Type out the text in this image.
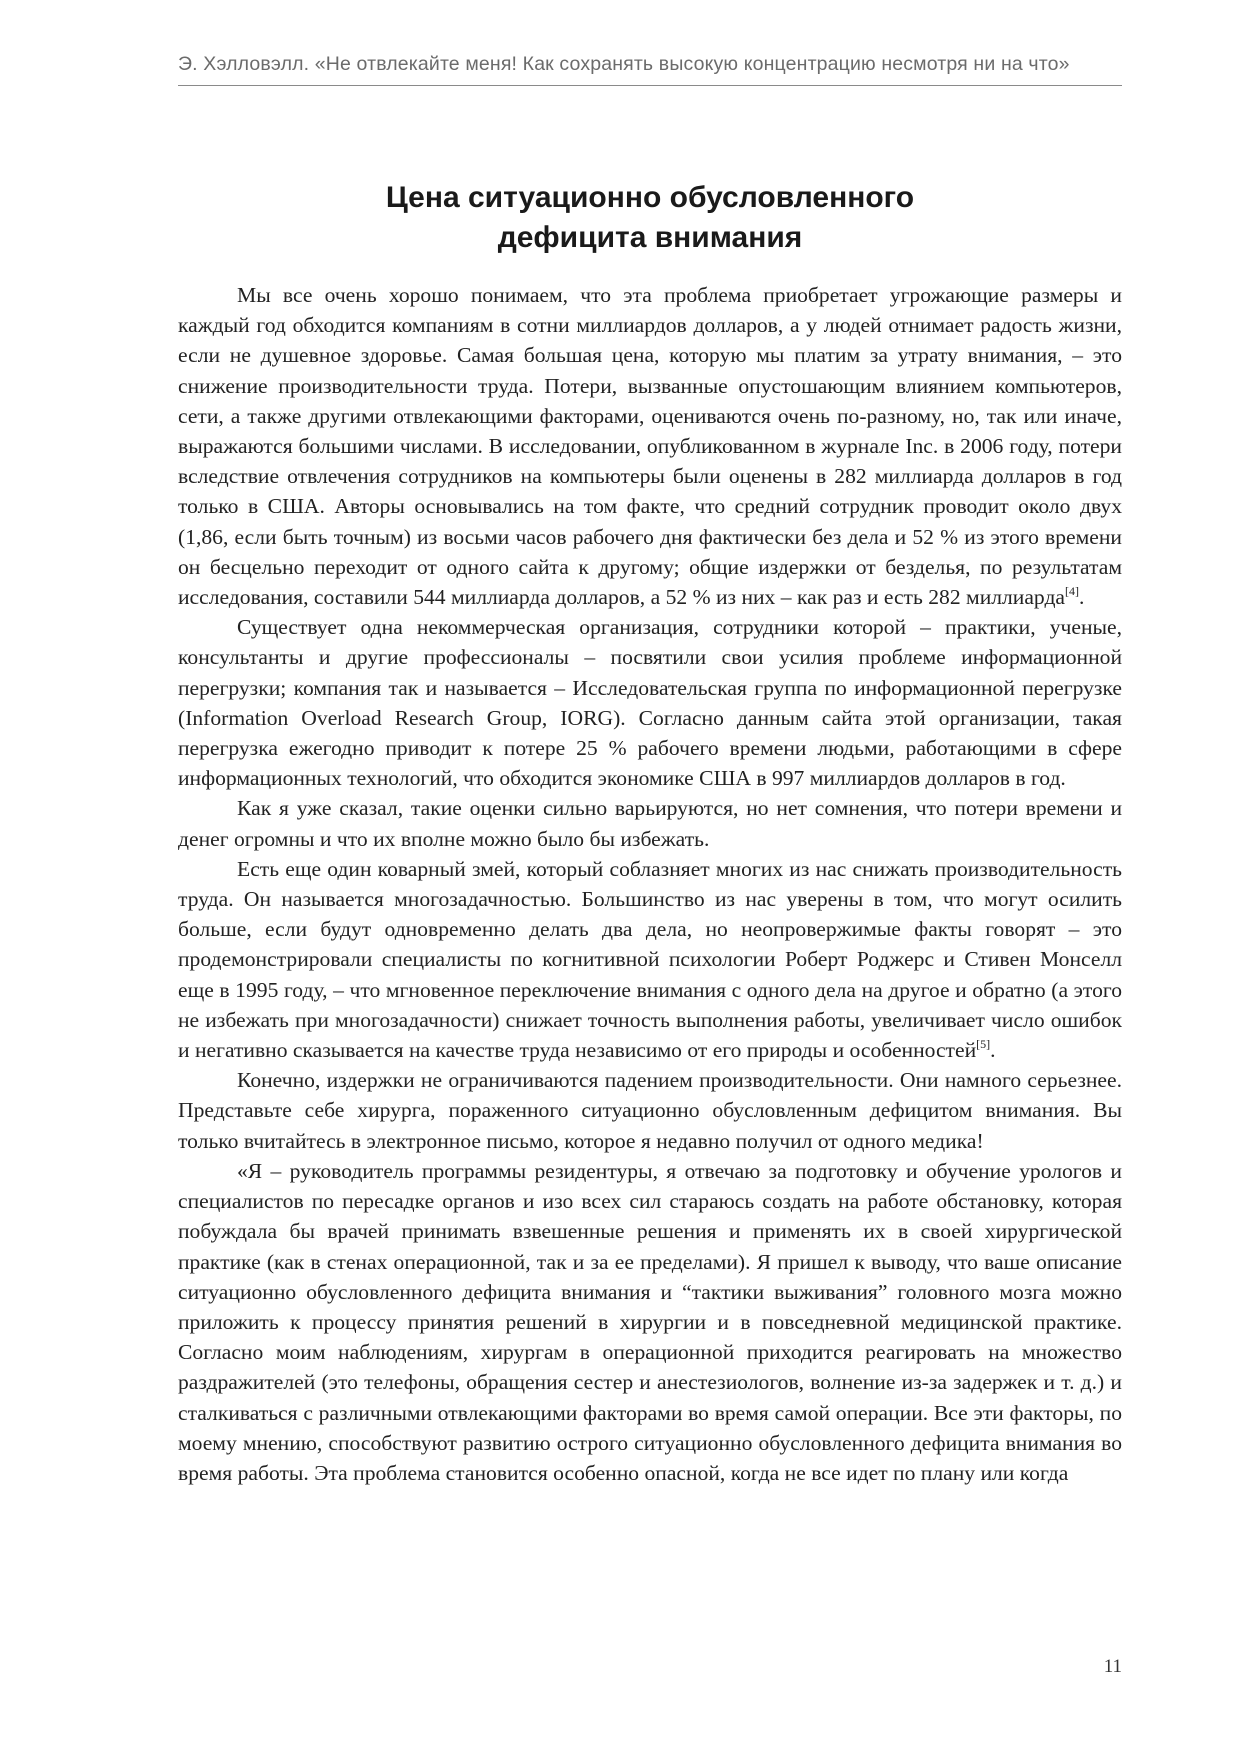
Э. Хэлловэлл. «Не отвлекайте меня! Как сохранять высокую концентрацию несмотря ни на что»
Цена ситуационно обусловленного
дефицита внимания

Мы все очень хорошо понимаем, что эта проблема приобретает угрожающие размеры и каждый год обходится компаниям в сотни миллиардов долларов, а у людей отнимает радость жизни, если не душевное здоровье. Самая большая цена, которую мы платим за утрату внимания, – это снижение производительности труда. Потери, вызванные опустошающим влиянием компьютеров, сети, а также другими отвлекающими факторами, оцениваются очень по-разному, но, так или иначе, выражаются большими числами. В исследовании, опубликованном в журнале Inc. в 2006 году, потери вследствие отвлечения сотрудников на компьютеры были оценены в 282 миллиарда долларов в год только в США. Авторы основывались на том факте, что средний сотрудник проводит около двух (1,86, если быть точным) из восьми часов рабочего дня фактически без дела и 52 % из этого времени он бесцельно переходит от одного сайта к другому; общие издержки от безделья, по результатам исследования, составили 544 миллиарда долларов, а 52 % из них – как раз и есть 282 миллиарда[4].

Существует одна некоммерческая организация, сотрудники которой – практики, ученые, консультанты и другие профессионалы – посвятили свои усилия проблеме информационной перегрузки; компания так и называется – Исследовательская группа по информационной перегрузке (Information Overload Research Group, IORG). Согласно данным сайта этой организации, такая перегрузка ежегодно приводит к потере 25 % рабочего времени людьми, работающими в сфере информационных технологий, что обходится экономике США в 997 миллиардов долларов в год.

Как я уже сказал, такие оценки сильно варьируются, но нет сомнения, что потери времени и денег огромны и что их вполне можно было бы избежать.

Есть еще один коварный змей, который соблазняет многих из нас снижать производительность труда. Он называется многозадачностью. Большинство из нас уверены в том, что могут осилить больше, если будут одновременно делать два дела, но неопровержимые факты говорят – это продемонстрировали специалисты по когнитивной психологии Роберт Роджерс и Стивен Монселл еще в 1995 году, – что мгновенное переключение внимания с одного дела на другое и обратно (а этого не избежать при многозадачности) снижает точность выполнения работы, увеличивает число ошибок и негативно сказывается на качестве труда независимо от его природы и особенностей[5].

Конечно, издержки не ограничиваются падением производительности. Они намного серьезнее. Представьте себе хирурга, пораженного ситуационно обусловленным дефицитом внимания. Вы только вчитайтесь в электронное письмо, которое я недавно получил от одного медика!

«Я – руководитель программы резидентуры, я отвечаю за подготовку и обучение урологов и специалистов по пересадке органов и изо всех сил стараюсь создать на работе обстановку, которая побуждала бы врачей принимать взвешенные решения и применять их в своей хирургической практике (как в стенах операционной, так и за ее пределами). Я пришел к выводу, что ваше описание ситуационно обусловленного дефицита внимания и “тактики выживания” головного мозга можно приложить к процессу принятия решений в хирургии и в повседневной медицинской практике. Согласно моим наблюдениям, хирургам в операционной приходится реагировать на множество раздражителей (это телефоны, обращения сестер и анестезиологов, волнение из-за задержек и т. д.) и сталкиваться с различными отвлекающими факторами во время самой операции. Все эти факторы, по моему мнению, способствуют развитию острого ситуационно обусловленного дефицита внимания во время работы. Эта проблема становится особенно опасной, когда не все идет по плану или когда

11
